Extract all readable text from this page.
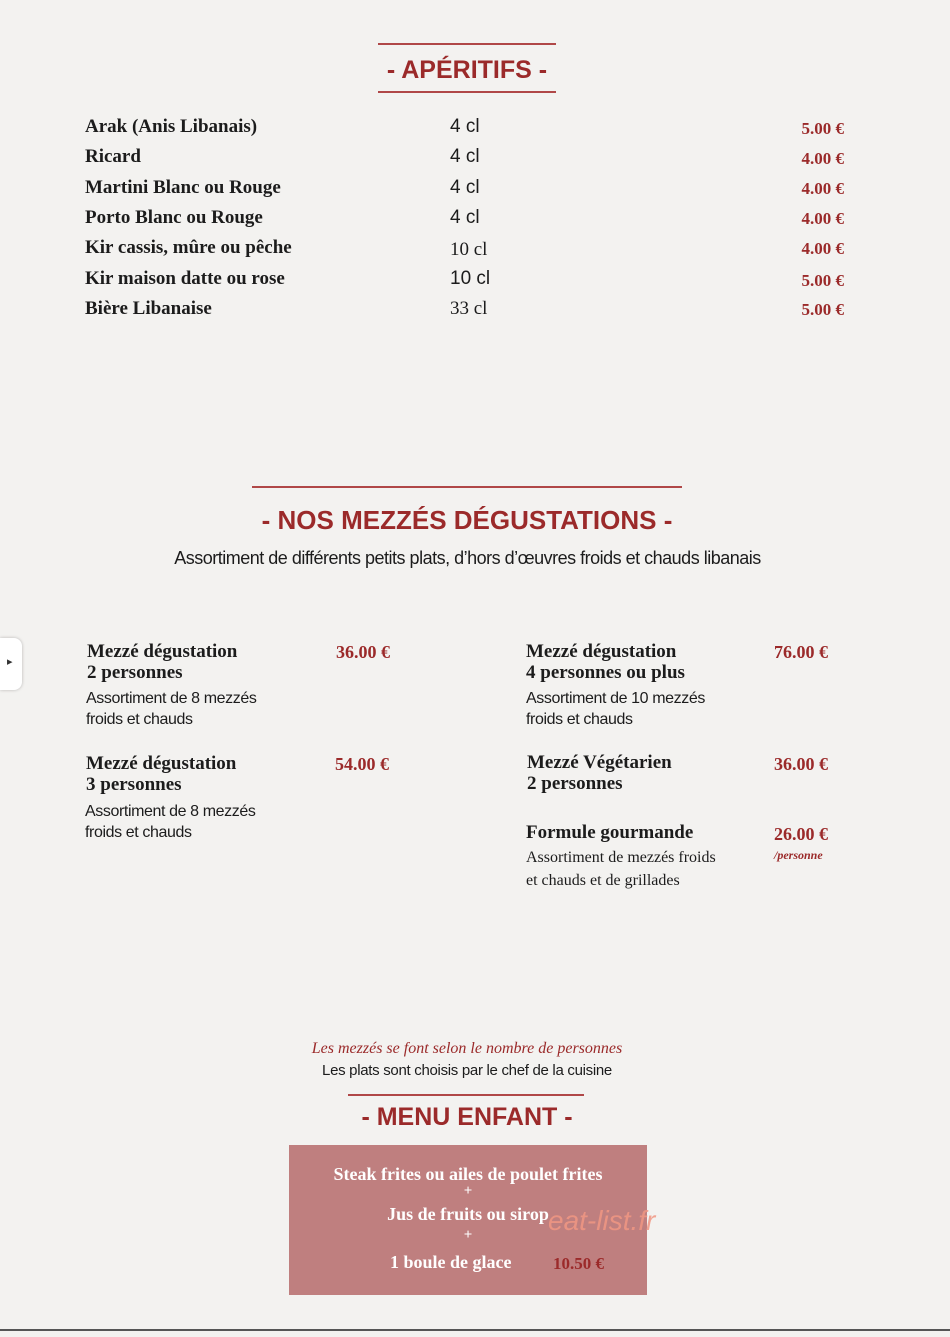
▸
- APÉRITIFS -
Arak (Anis Libanais)	4 cl	5.00 €
Ricard	4 cl	4.00 €
Martini Blanc ou Rouge	4 cl	4.00 €
Porto Blanc ou Rouge	4 cl	4.00 €
Kir cassis, mûre ou pêche	10 cl	4.00 €
Kir maison datte ou rose	10 cl	5.00 €
Bière Libanaise	33 cl	5.00 €
- NOS MEZZÉS DÉGUSTATIONS -
Assortiment de différents petits plats, d’hors d’œuvres froids et chauds libanais
Mezzé dégustation
2 personnes
36.00 €
Assortiment de 8 mezzés
froids et chauds
Mezzé dégustation
3 personnes
54.00 €
Assortiment de 8 mezzés
froids et chauds
Mezzé dégustation
4 personnes ou plus
76.00 €
Assortiment de 10 mezzés
froids et chauds
Mezzé Végétarien
2 personnes
36.00 €
Formule gourmande	26.00 €
/personne
Assortiment de mezzés froids
et chauds et de grillades
Les mezzés se font selon le nombre de personnes
Les plats sont choisis par le chef de la cuisine
- MENU ENFANT -
Steak frites ou ailes de poulet frites
+
Jus de fruits ou sirop
+
1 boule de glace 10.50 €
eat-list.fr
